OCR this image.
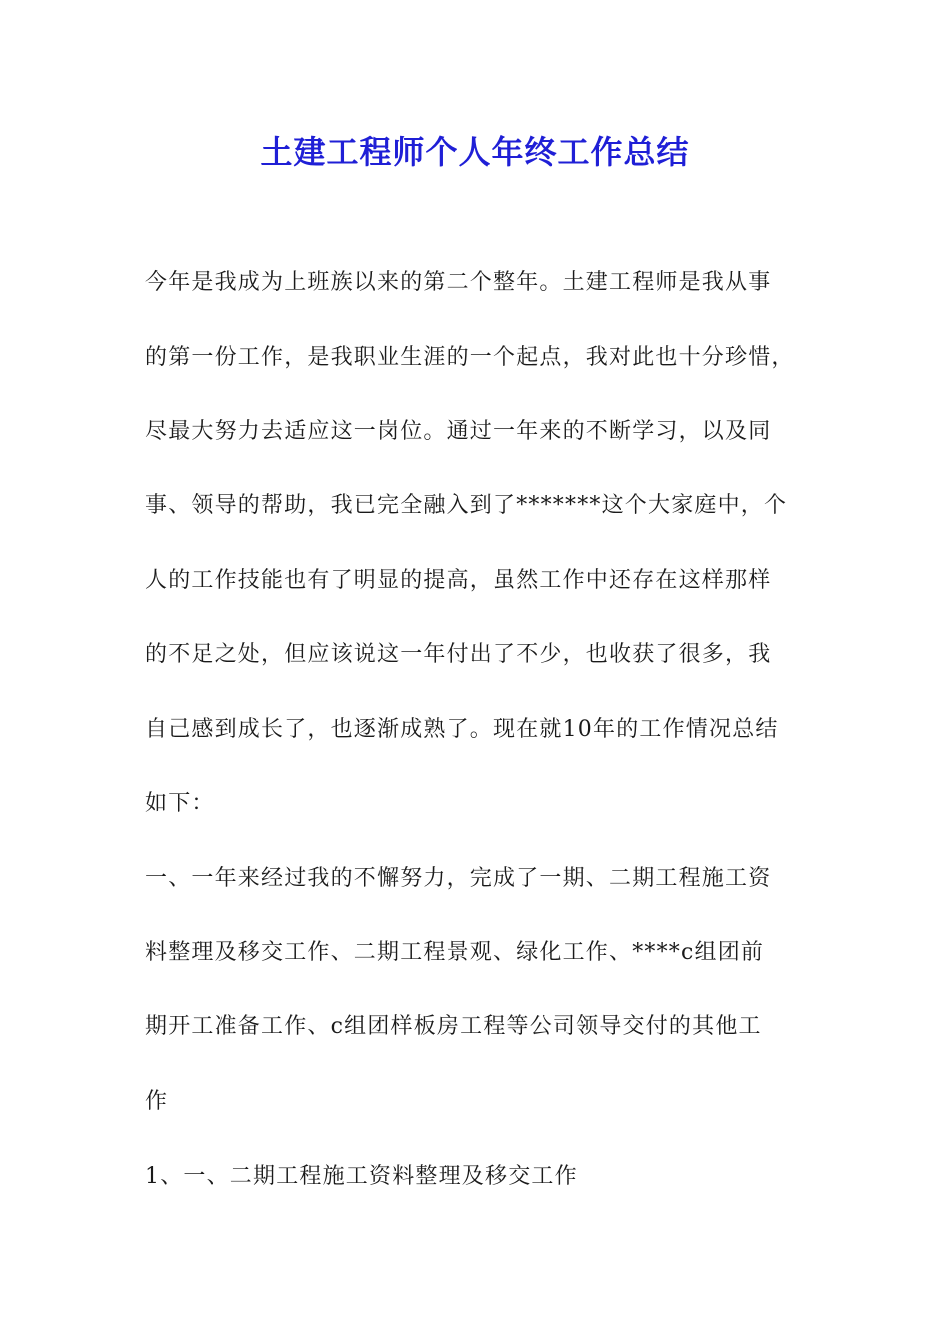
土建工程师个人年终工作总结
今年是我成为上班族以来的第二个整年。土建工程师是我从事
的第一份工作，是我职业生涯的一个起点，我对此也十分珍惜，
尽最大努力去适应这一岗位。通过一年来的不断学习，以及同
事、领导的帮助，我已完全融入到了*******这个大家庭中，个
人的工作技能也有了明显的提高，虽然工作中还存在这样那样
的不足之处，但应该说这一年付出了不少，也收获了很多，我
自己感到成长了，也逐渐成熟了。现在就10年的工作情况总结
如下：
一、一年来经过我的不懈努力，完成了一期、二期工程施工资
料整理及移交工作、二期工程景观、绿化工作、****c组团前
期开工准备工作、c组团样板房工程等公司领导交付的其他工
作
1、一、二期工程施工资料整理及移交工作
